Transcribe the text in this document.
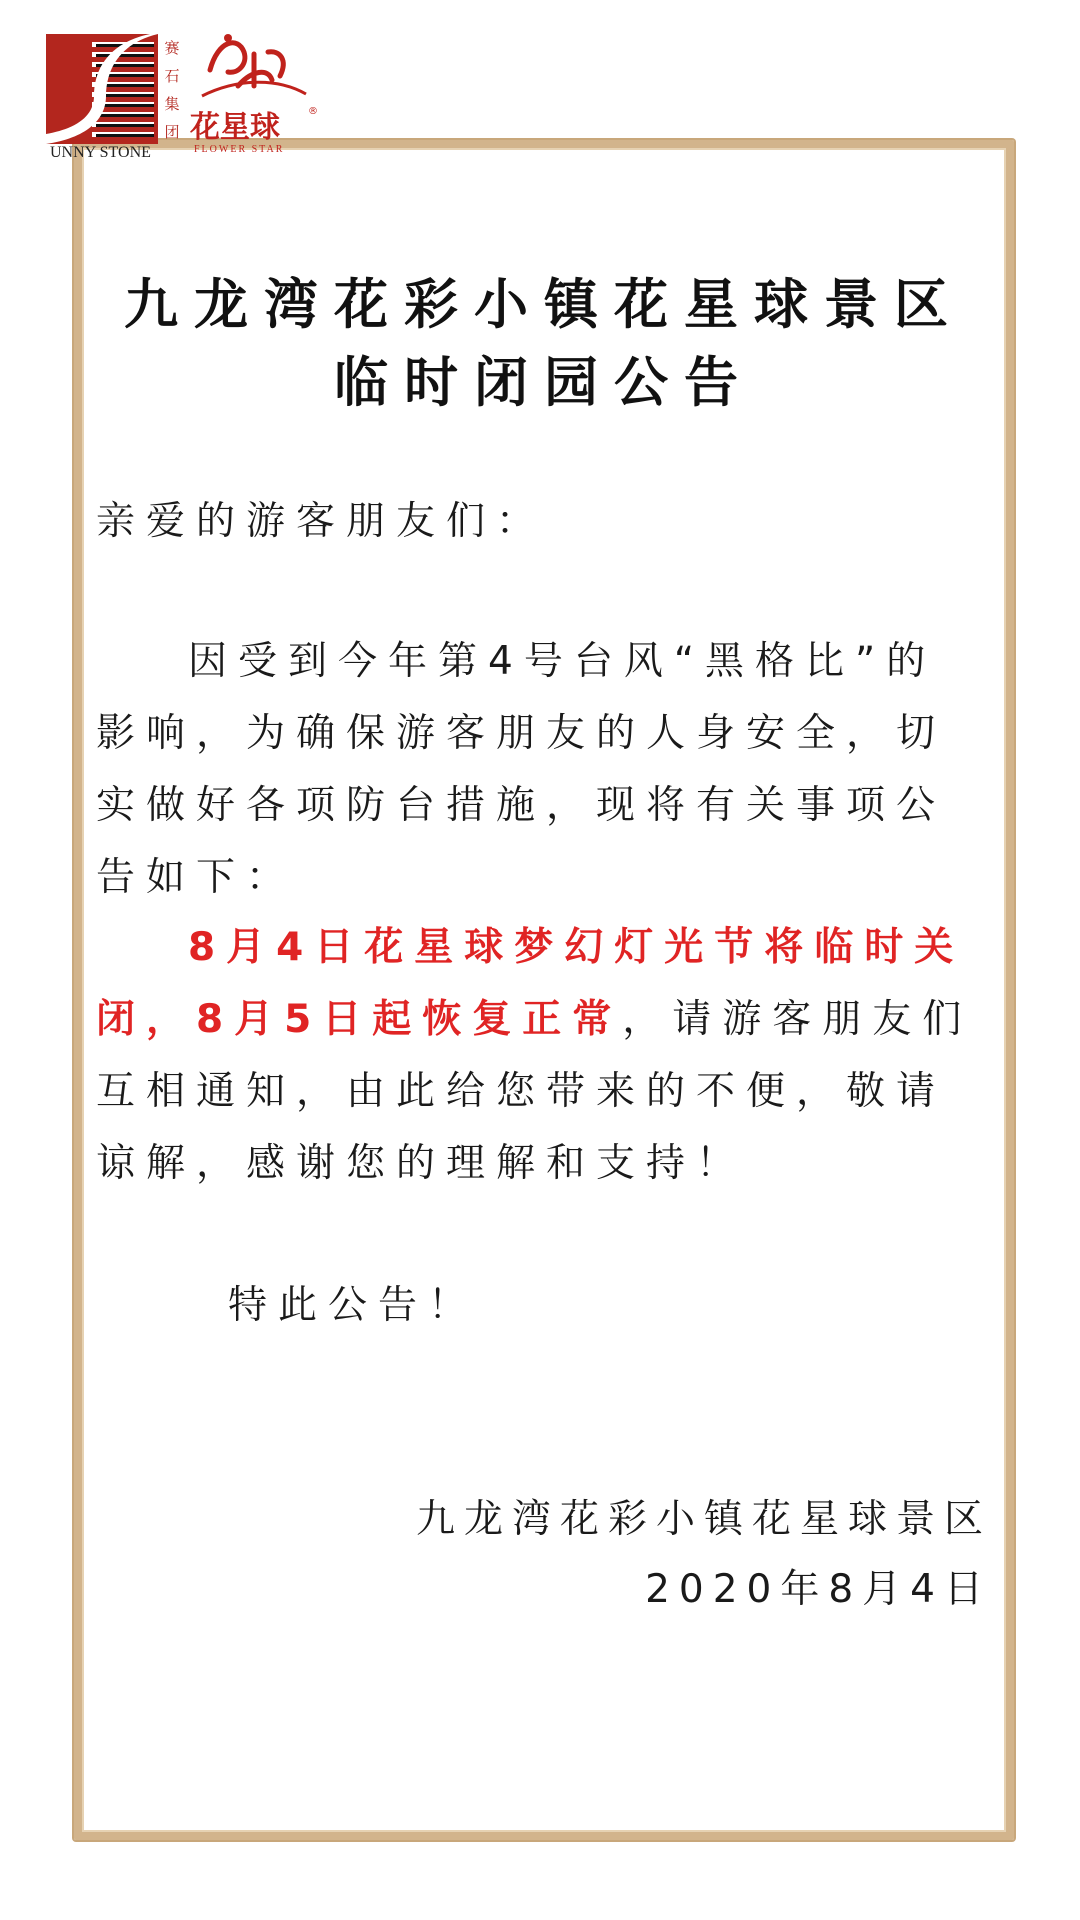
赛石集团
UNNY STONE
花星球	®
FLOWER STAR
九龙湾花彩小镇花星球景区
临时闭园公告
亲爱的游客朋友们：
因受到今年第4号台风“黑格比”的影响，为确保游客朋友的人身安全，切实做好各项防台措施，现将有关事项公告如下：
8月4日花星球梦幻灯光节将临时关闭，8月5日起恢复正常，请游客朋友们互相通知，由此给您带来的不便，敬请谅解，感谢您的理解和支持！
特此公告！
九龙湾花彩小镇花星球景区
2020年8月4日
